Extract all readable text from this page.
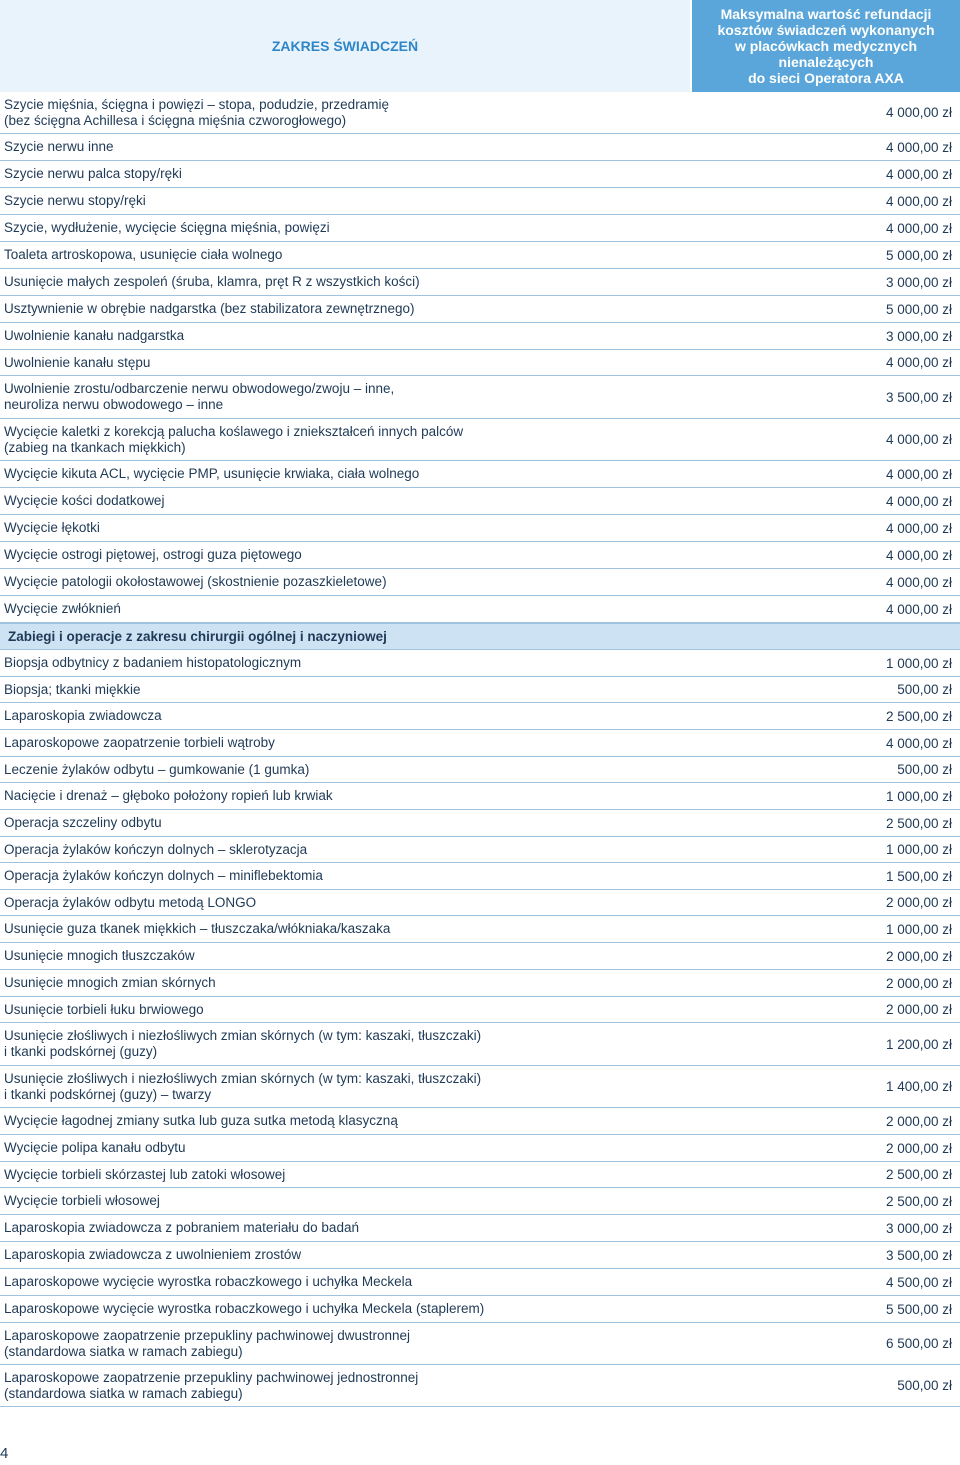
ZAKRES ŚWIADCZEŃ
Maksymalna wartość refundacji
kosztów świadczeń wykonanych
w placówkach medycznych
nienależących
do sieci Operatora AXA
Szycie mięśnia, ścięgna i powięzi – stopa, podudzie, przedramię
(bez ścięgna Achillesa i ścięgna mięśnia czworogłowego)	4 000,00 zł
Szycie nerwu inne	4 000,00 zł
Szycie nerwu palca stopy/ręki	4 000,00 zł
Szycie nerwu stopy/ręki	4 000,00 zł
Szycie, wydłużenie, wycięcie ścięgna mięśnia, powięzi	4 000,00 zł
Toaleta artroskopowa, usunięcie ciała wolnego	5 000,00 zł
Usunięcie małych zespoleń (śruba, klamra, pręt R z wszystkich kości)	3 000,00 zł
Usztywnienie w obrębie nadgarstka (bez stabilizatora zewnętrznego)	5 000,00 zł
Uwolnienie kanału nadgarstka	3 000,00 zł
Uwolnienie kanału stępu	4 000,00 zł
Uwolnienie zrostu/odbarczenie nerwu obwodowego/zwoju – inne,
neuroliza nerwu obwodowego – inne	3 500,00 zł
Wycięcie kaletki z korekcją palucha koślawego i zniekształceń innych palców
(zabieg na tkankach miękkich)	4 000,00 zł
Wycięcie kikuta ACL, wycięcie PMP, usunięcie krwiaka, ciała wolnego	4 000,00 zł
Wycięcie kości dodatkowej	4 000,00 zł
Wycięcie łękotki	4 000,00 zł
Wycięcie ostrogi piętowej, ostrogi guza piętowego	4 000,00 zł
Wycięcie patologii okołostawowej (skostnienie pozaszkieletowe)	4 000,00 zł
Wycięcie zwłóknień	4 000,00 zł
Zabiegi i operacje z zakresu chirurgii ogólnej i naczyniowej
Biopsja odbytnicy z badaniem histopatologicznym	1 000,00 zł
Biopsja; tkanki miękkie	500,00 zł
Laparoskopia zwiadowcza	2 500,00 zł
Laparoskopowe zaopatrzenie torbieli wątroby	4 000,00 zł
Leczenie żylaków odbytu – gumkowanie (1 gumka)	500,00 zł
Nacięcie i drenaż – głęboko położony ropień lub krwiak	1 000,00 zł
Operacja szczeliny odbytu	2 500,00 zł
Operacja żylaków kończyn dolnych – sklerotyzacja	1 000,00 zł
Operacja żylaków kończyn dolnych – miniflebektomia	1 500,00 zł
Operacja żylaków odbytu metodą LONGO	2 000,00 zł
Usunięcie guza tkanek miękkich – tłuszczaka/włókniaka/kaszaka	1 000,00 zł
Usunięcie mnogich tłuszczaków	2 000,00 zł
Usunięcie mnogich zmian skórnych	2 000,00 zł
Usunięcie torbieli łuku brwiowego	2 000,00 zł
Usunięcie złośliwych i niezłośliwych zmian skórnych (w tym: kaszaki, tłuszczaki)
i tkanki podskórnej (guzy)	1 200,00 zł
Usunięcie złośliwych i niezłośliwych zmian skórnych (w tym: kaszaki, tłuszczaki)
i tkanki podskórnej (guzy) – twarzy	1 400,00 zł
Wycięcie łagodnej zmiany sutka lub guza sutka metodą klasyczną	2 000,00 zł
Wycięcie polipa kanału odbytu	2 000,00 zł
Wycięcie torbieli skórzastej lub zatoki włosowej	2 500,00 zł
Wycięcie torbieli włosowej	2 500,00 zł
Laparoskopia zwiadowcza z pobraniem materiału do badań	3 000,00 zł
Laparoskopia zwiadowcza z uwolnieniem zrostów	3 500,00 zł
Laparoskopowe wycięcie wyrostka robaczkowego i uchyłka Meckela	4 500,00 zł
Laparoskopowe wycięcie wyrostka robaczkowego i uchyłka Meckela (staplerem)	5 500,00 zł
Laparoskopowe zaopatrzenie przepukliny pachwinowej dwustronnej
(standardowa siatka w ramach zabiegu)	6 500,00 zł
Laparoskopowe zaopatrzenie przepukliny pachwinowej jednostronnej
(standardowa siatka w ramach zabiegu)	500,00 zł
4
